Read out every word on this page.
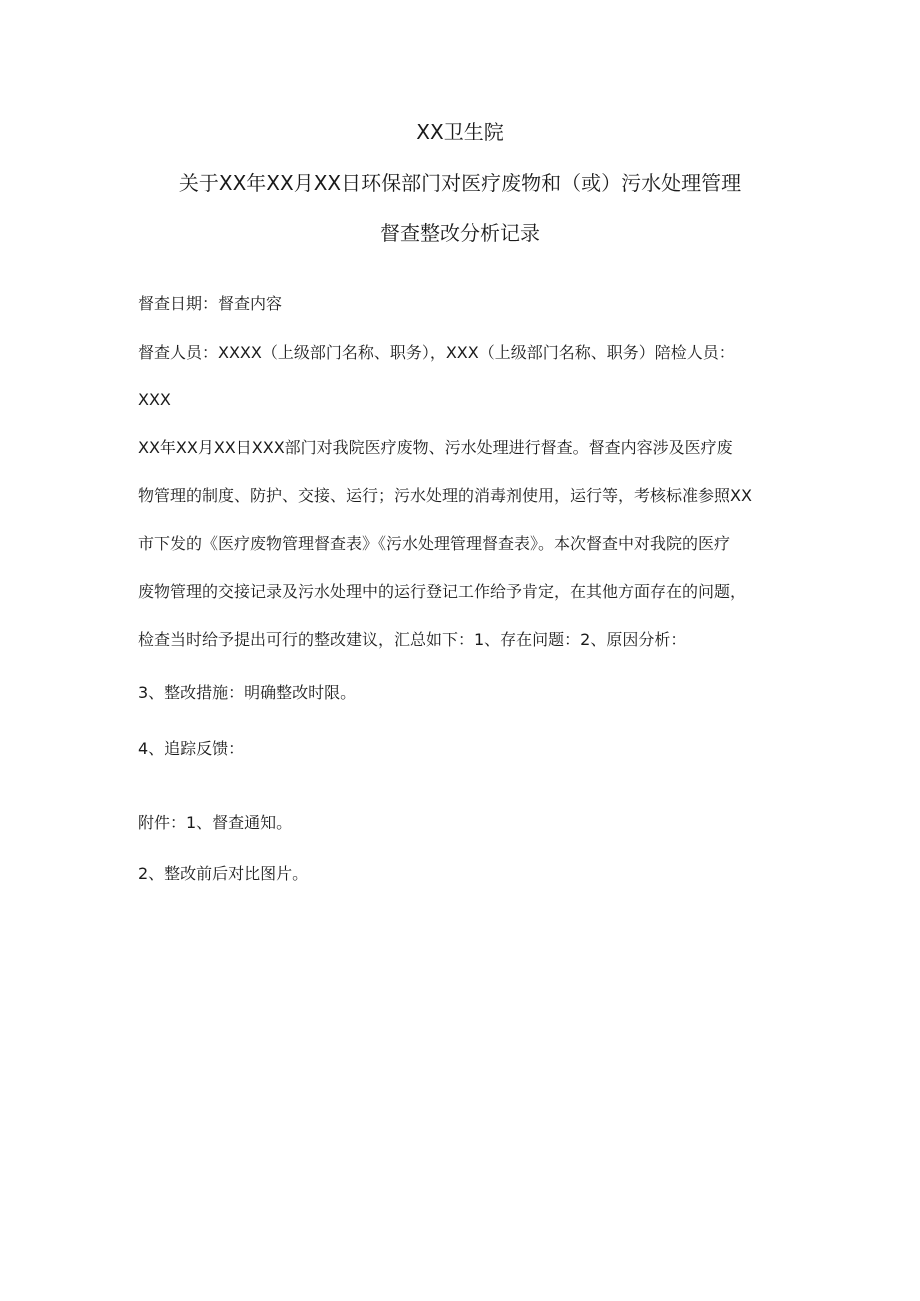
XX卫生院
关于XX年XX月XX日环保部门对医疗废物和（或）污水处理管理
督查整改分析记录
督查日期：督查内容
督查人员：XXXX（上级部门名称、职务），XXX（上级部门名称、职务）陪检人员：
XXX
XX年XX月XX日XXX部门对我院医疗废物、污水处理进行督查。督查内容涉及医疗废
物管理的制度、防护、交接、运行；污水处理的消毒剂使用，运行等，考核标准参照XX
市下发的《医疗废物管理督查表》《污水处理管理督查表》。本次督查中对我院的医疗
废物管理的交接记录及污水处理中的运行登记工作给予肯定，在其他方面存在的问题，
检查当时给予提出可行的整改建议，汇总如下：1、存在问题：2、原因分析：
3、整改措施：明确整改时限。
4、追踪反馈：
附件：1、督查通知。
2、整改前后对比图片。
